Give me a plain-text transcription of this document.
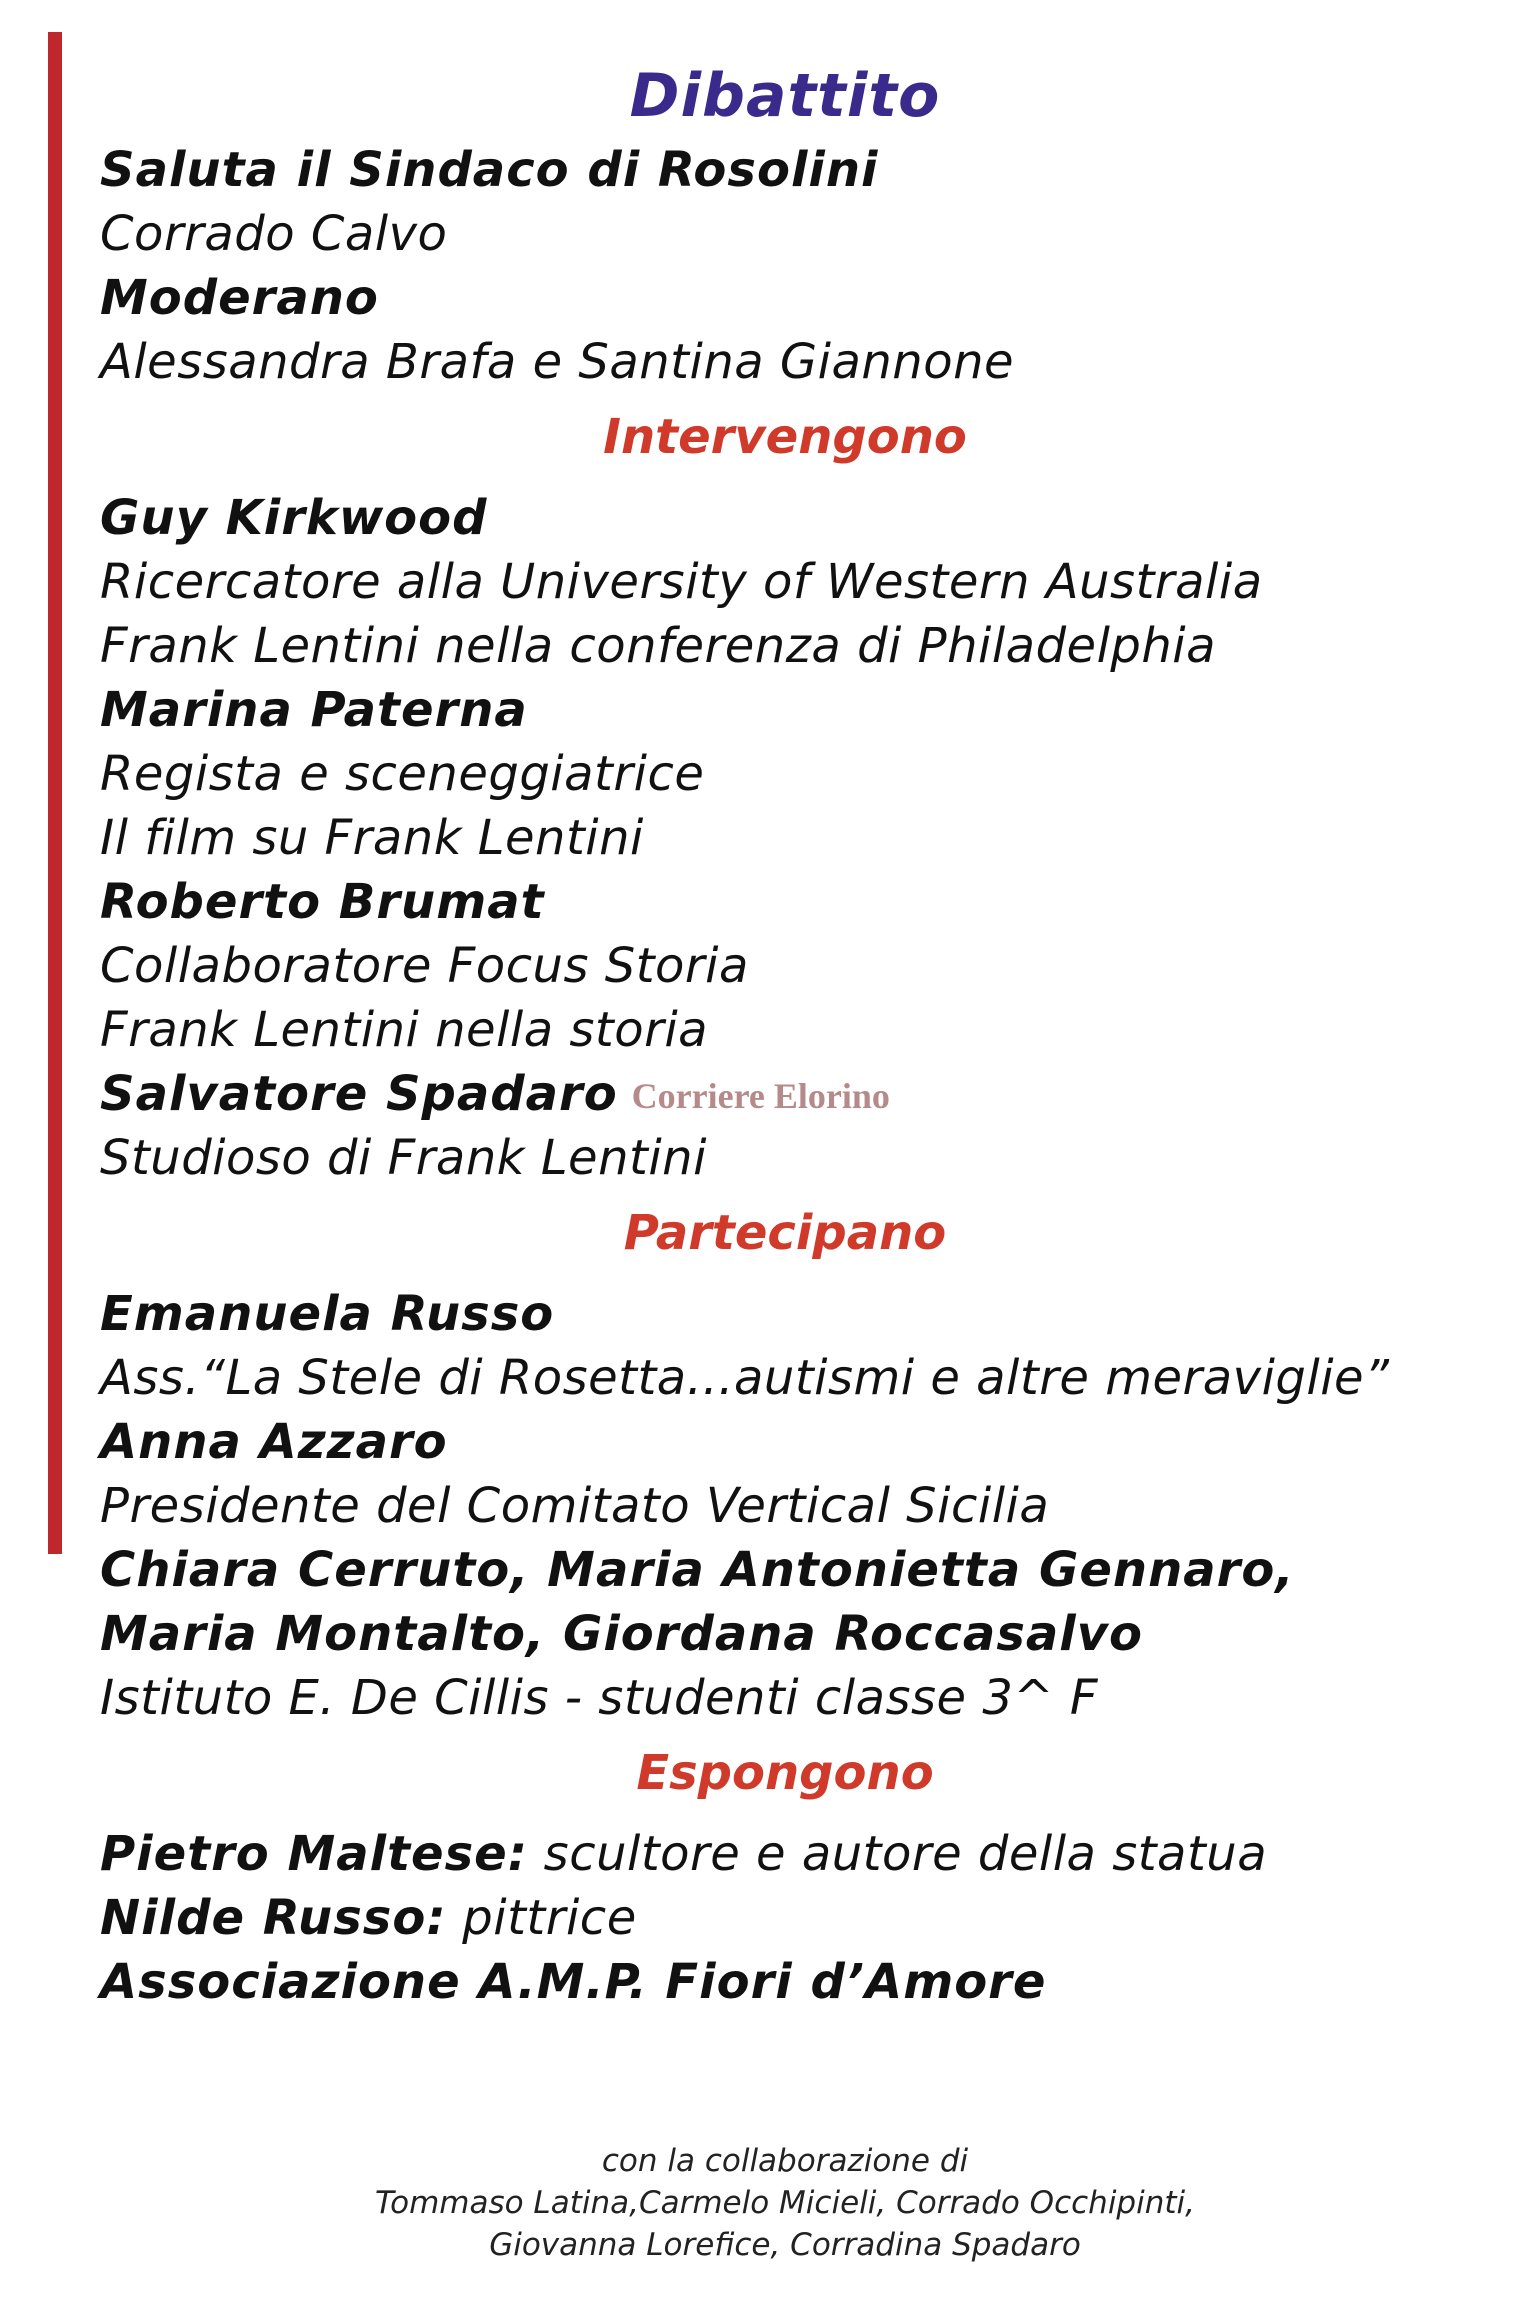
Dibattito
Saluta il Sindaco di Rosolini
Corrado Calvo
Moderano
Alessandra Brafa e Santina Giannone
Intervengono
Guy Kirkwood
Ricercatore alla University of Western Australia
Frank Lentini nella conferenza di Philadelphia
Marina Paterna
Regista e sceneggiatrice
Il film su Frank Lentini
Roberto Brumat
Collaboratore Focus Storia
Frank Lentini nella storia
Salvatore Spadaro Corriere Elorino
Studioso di Frank Lentini
Partecipano
Emanuela Russo
Ass.“La Stele di Rosetta...autismi e altre meraviglie”
Anna Azzaro
Presidente del Comitato Vertical Sicilia
Chiara Cerruto, Maria Antonietta Gennaro,
Maria Montalto, Giordana Roccasalvo
Istituto E. De Cillis - studenti classe 3^ F
Espongono
Pietro Maltese: scultore e autore della statua
Nilde Russo: pittrice
Associazione A.M.P. Fiori d’Amore
con la collaborazione di
Tommaso Latina,Carmelo Micieli, Corrado Occhipinti,
Giovanna Lorefice, Corradina Spadaro
